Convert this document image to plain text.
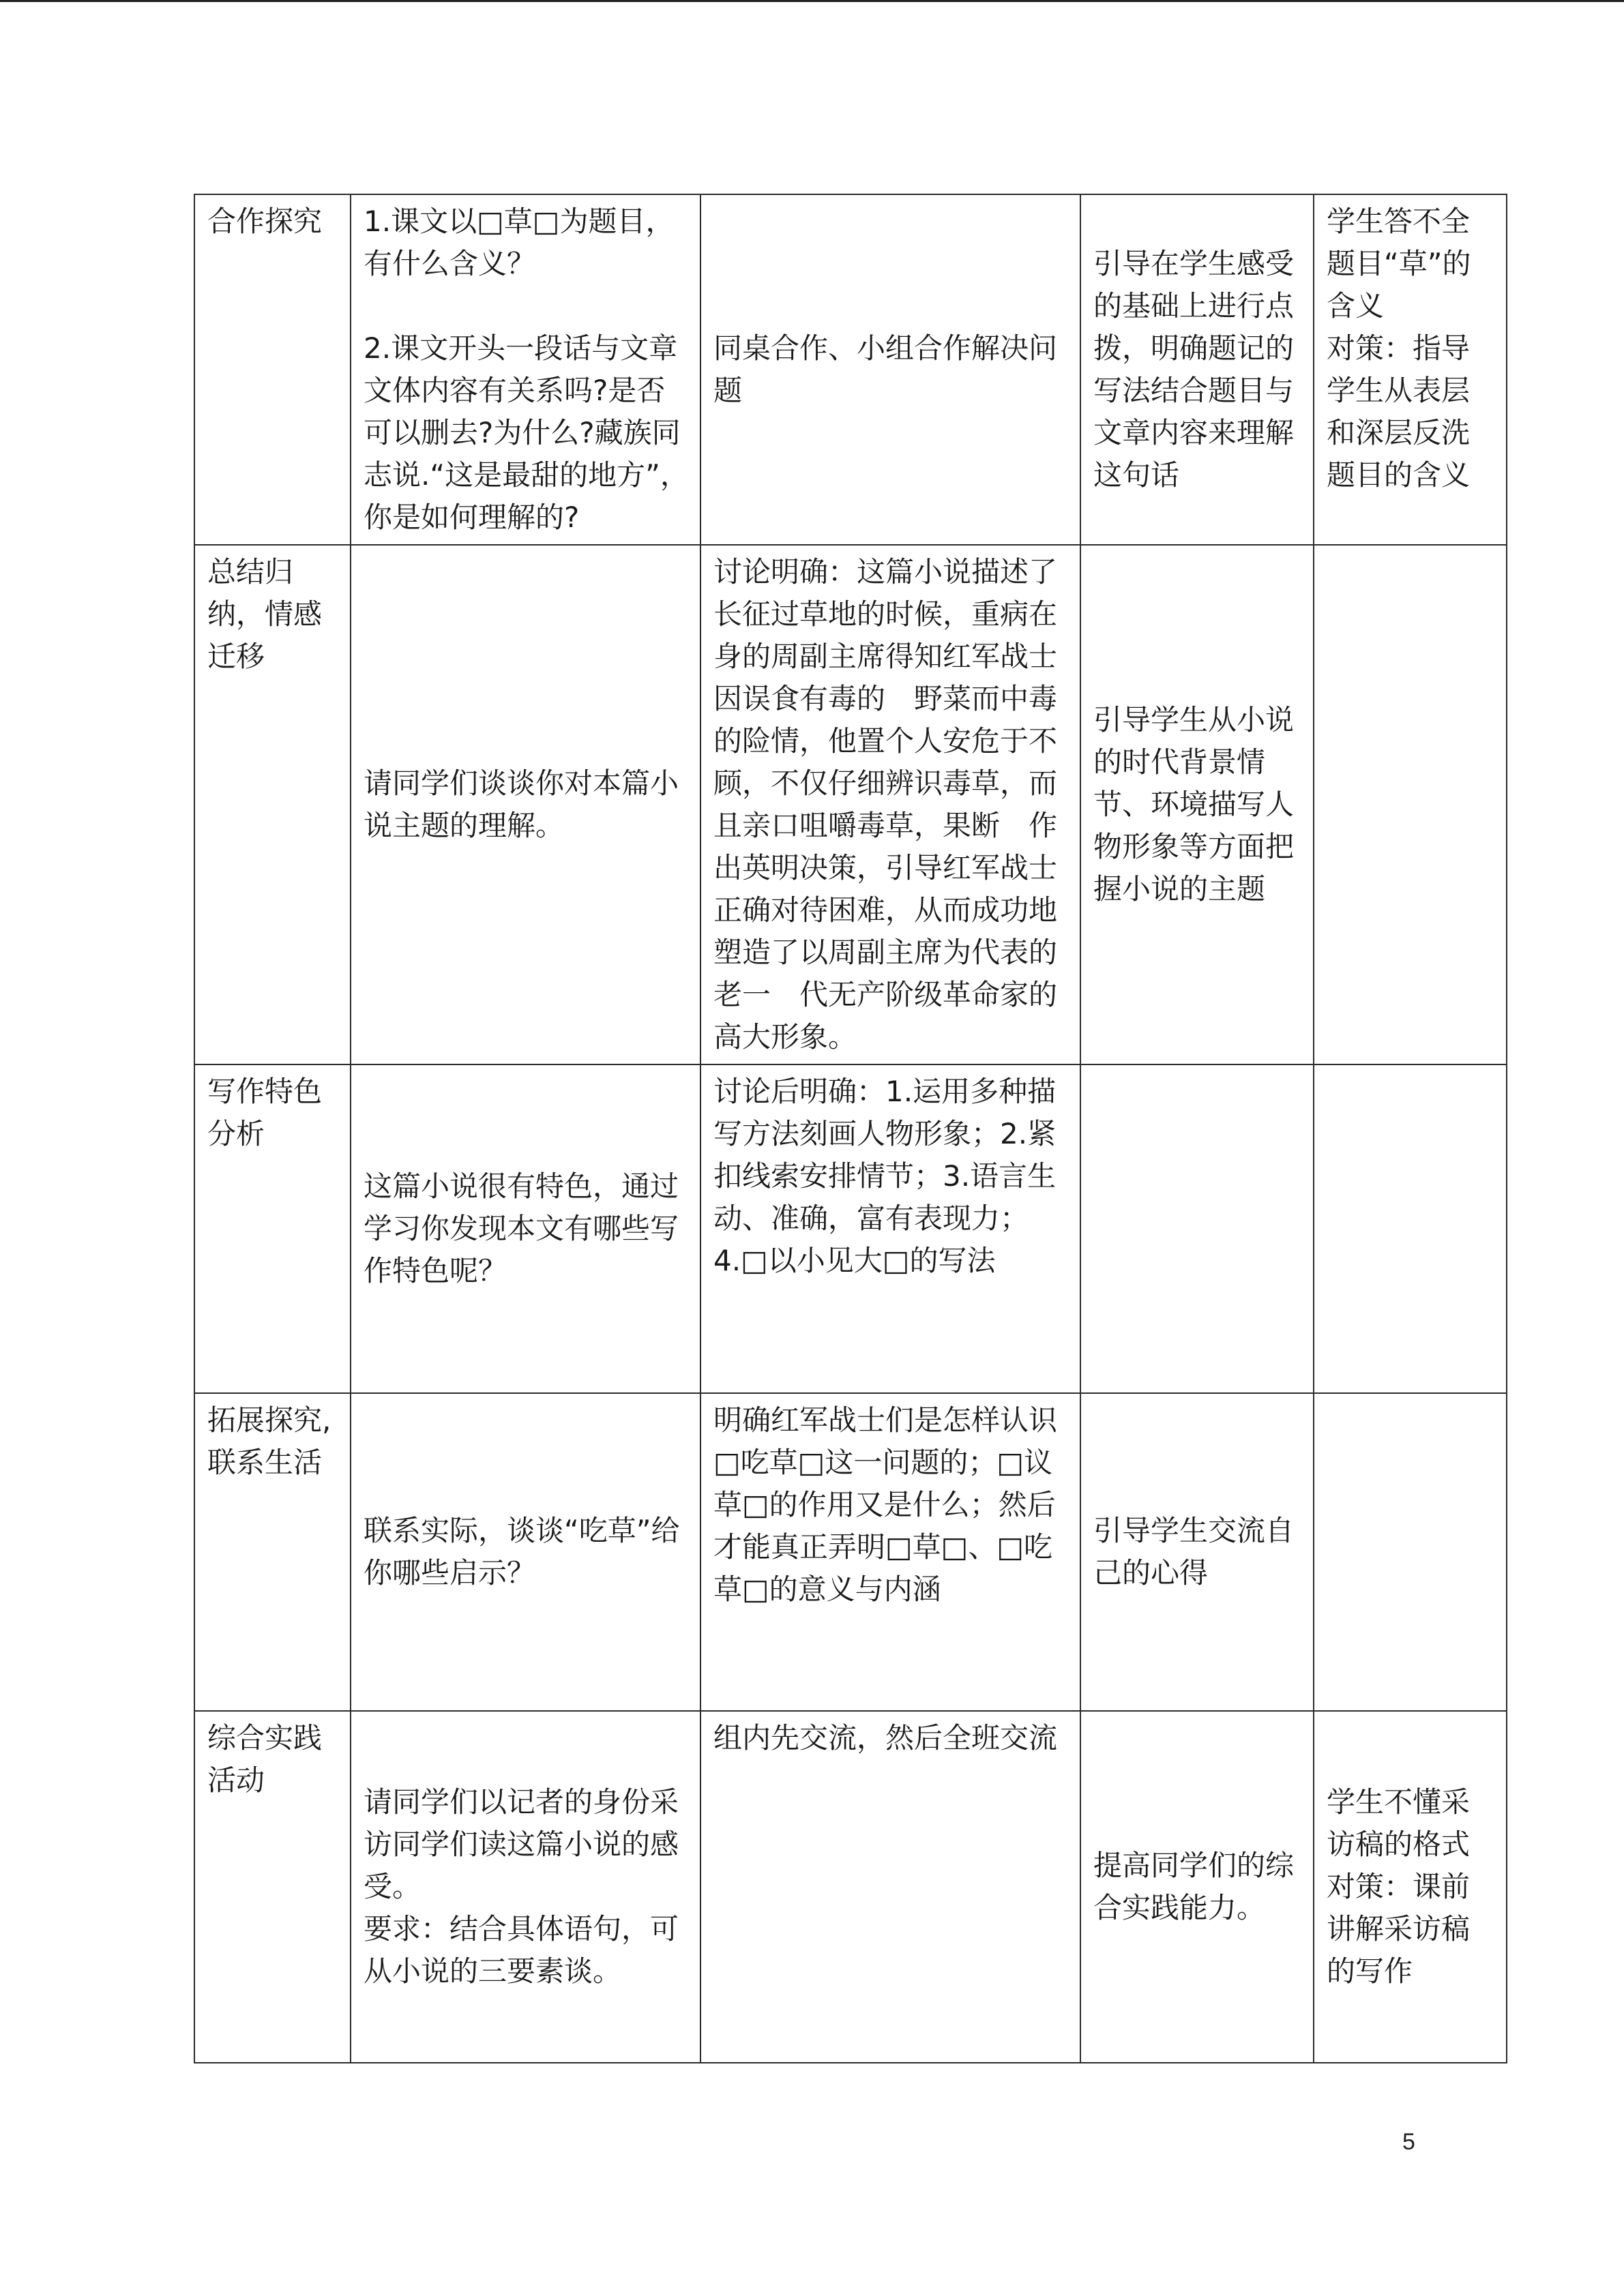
合作探究	1.课文以□草□为题目，有什么含义？

2.课文开头一段话与文章文体内容有关系吗?是否可以删去?为什么?藏族同志说.“这是最甜的地方”，你是如何理解的?	同桌合作、小组合作解决问题	引导在学生感受的基础上进行点拨，明确题记的写法结合题目与文章内容来理解这句话	学生答不全题目“草”的含义
对策：指导学生从表层和深层反洗题目的含义

总结归纳，情感迁移	请同学们谈谈你对本篇小说主题的理解。	讨论明确：这篇小说描述了长征过草地的时候，重病在身的周副主席得知红军战士因误食有毒的　野菜而中毒的险情，他置个人安危于不顾，不仅仔细辨识毒草，而且亲口咀嚼毒草，果断　作出英明决策，引导红军战士正确对待困难，从而成功地塑造了以周副主席为代表的老一　代无产阶级革命家的高大形象。	引导学生从小说的时代背景情节、环境描写人物形象等方面把握小说的主题	

写作特色分析	这篇小说很有特色，通过学习你发现本文有哪些写作特色呢？	讨论后明确：1.运用多种描写方法刻画人物形象；2.紧扣线索安排情节；3.语言生动、准确，富有表现力；4.□以小见大□的写法		

拓展探究,联系生活	联系实际，谈谈“吃草”给你哪些启示？	明确红军战士们是怎样认识□吃草□这一问题的；□议草□的作用又是什么；然后才能真正弄明□草□、□吃草□的意义与内涵	引导学生交流自己的心得	

综合实践活动	请同学们以记者的身份采访同学们读这篇小说的感受。
要求：结合具体语句，可从小说的三要素谈。	组内先交流，然后全班交流	提高同学们的综合实践能力。	学生不懂采访稿的格式
对策：课前讲解采访稿的写作
5
